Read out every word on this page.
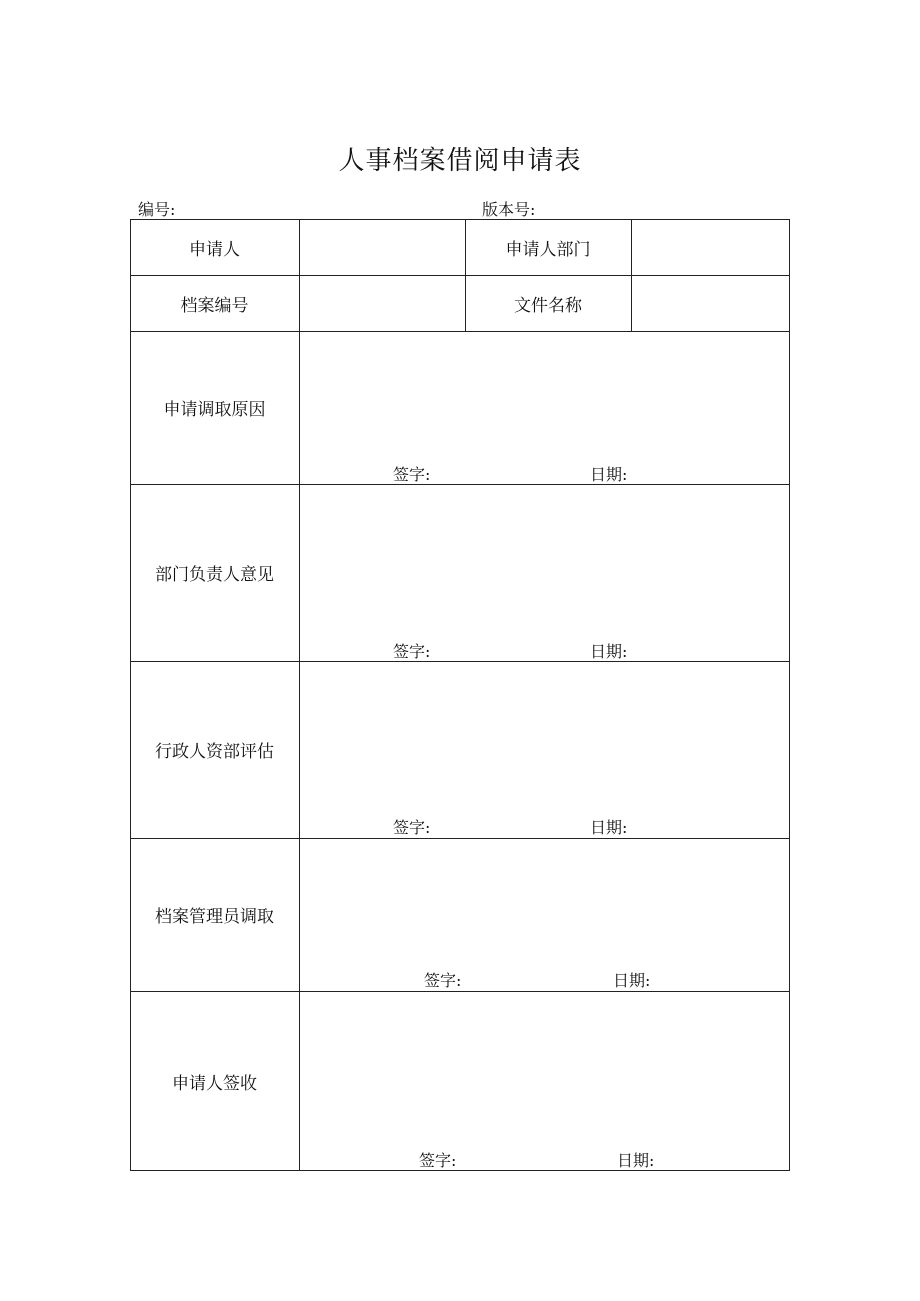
人事档案借阅申请表
编号:	版本号:
申请人	申请人部门
档案编号	文件名称
申请调取原因
签字:	日期:
部门负责人意见
签字:	日期:
行政人资部评估
签字:	日期:
档案管理员调取
签字:	日期:
申请人签收
签字:	日期:
